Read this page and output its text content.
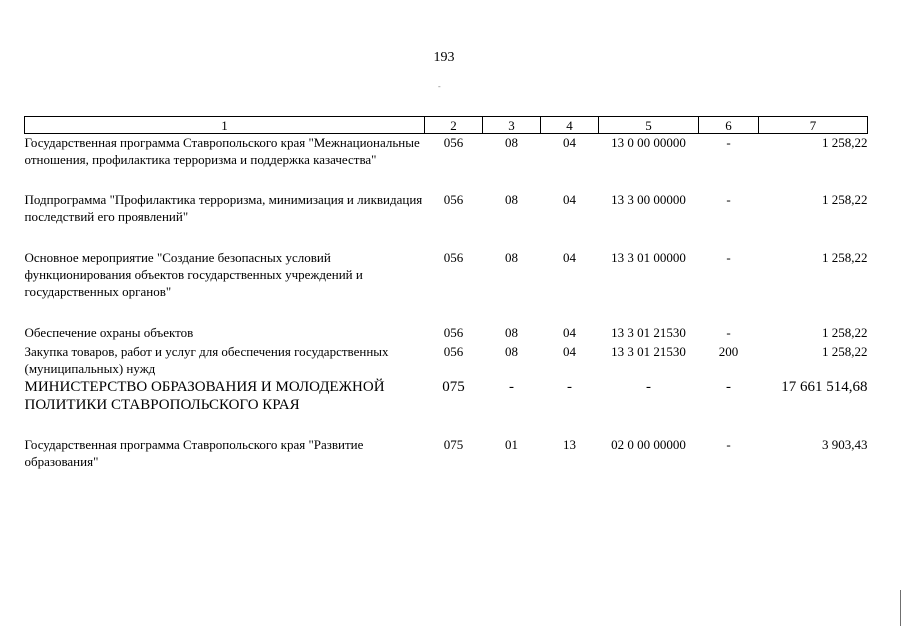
193
-
1	2	3	4	5	6	7
Государственная программа Ставропольского края "Межнациональные отношения, профилактика терроризма и поддержка казачества"	056	08	04	13 0 00 00000	-	1 258,22
Подпрограмма "Профилактика терроризма, минимизация и ликвидация последствий его проявлений"	056	08	04	13 3 00 00000	-	1 258,22
Основное мероприятие "Создание безопасных условий функционирования объектов государственных учреждений и государственных органов"	056	08	04	13 3 01 00000	-	1 258,22
Обеспечение охраны объектов	056	08	04	13 3 01 21530	-	1 258,22
Закупка товаров, работ и услуг для обеспечения государственных (муниципальных) нужд	056	08	04	13 3 01 21530	200	1 258,22
МИНИСТЕРСТВО ОБРАЗОВАНИЯ И МОЛОДЕЖНОЙ ПОЛИТИКИ СТАВРОПОЛЬСКОГО КРАЯ	075	-	-	-	-	17 661 514,68
Государственная программа Ставропольского края "Развитие образования"	075	01	13	02 0 00 00000	-	3 903,43
